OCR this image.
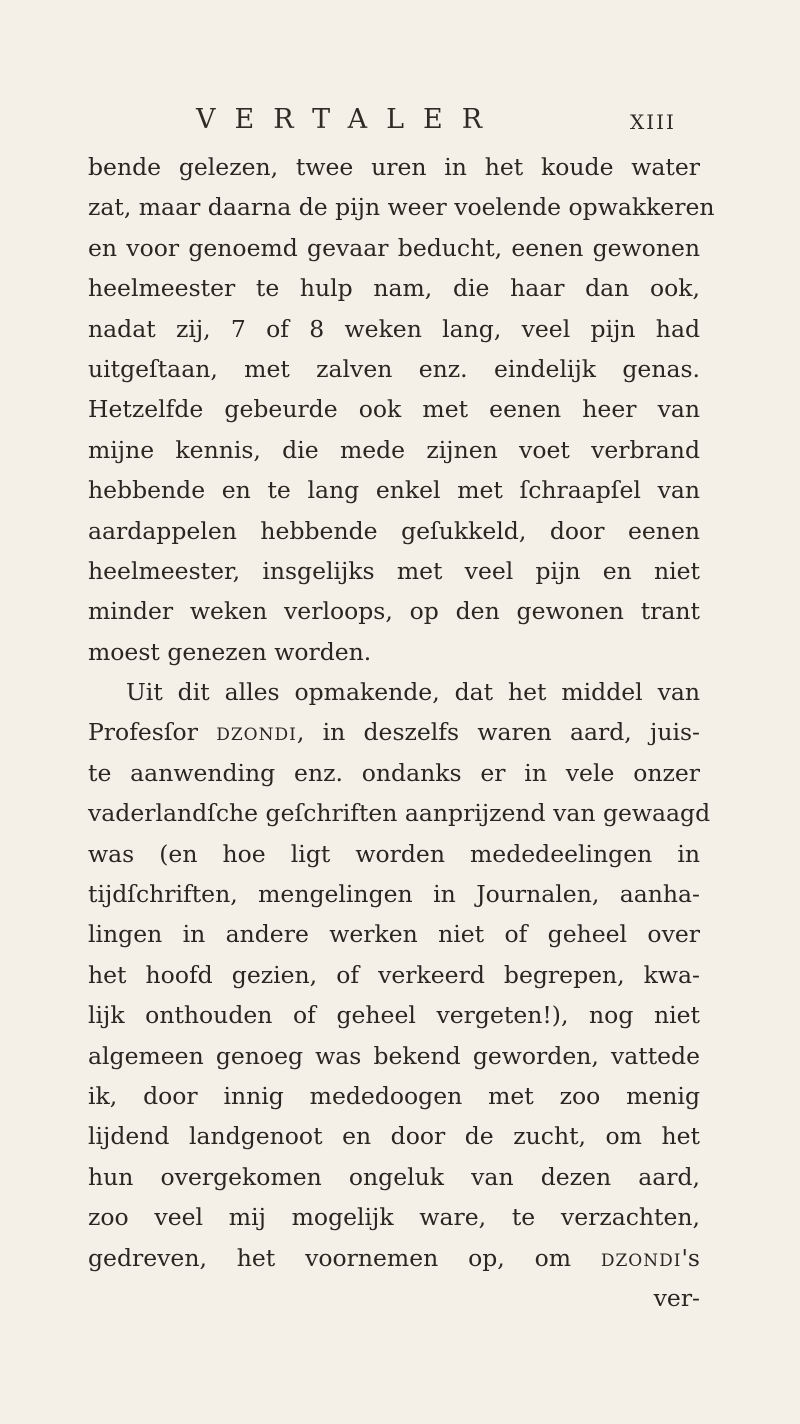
VERTALER	XIII
bende gelezen, twee uren in het koude water
zat, maar daarna de pijn weer voelende opwakkeren
en voor genoemd gevaar beducht, eenen gewonen
heelmeester te hulp nam, die haar dan ook,
nadat zij, 7 of 8 weken lang, veel pijn had
uitgeſtaan, met zalven enz. eindelijk genas.
Hetzelfde gebeurde ook met eenen heer van
mijne kennis, die mede zijnen voet verbrand
hebbende en te lang enkel met ſchraapſel van
aardappelen hebbende geſukkeld, door eenen
heelmeester, insgelijks met veel pijn en niet
minder weken verloops, op den gewonen trant
moest genezen worden.
Uit dit alles opmakende, dat het middel van
Profesſor DZONDI, in deszelfs waren aard, juis-
te aanwending enz. ondanks er in vele onzer
vaderlandſche geſchriften aanprijzend van gewaagd
was (en hoe ligt worden mededeelingen in
tijdſchriften, mengelingen in Journalen, aanha-
lingen in andere werken niet of geheel over
het hoofd gezien, of verkeerd begrepen, kwa-
lijk onthouden of geheel vergeten!), nog niet
algemeen genoeg was bekend geworden, vattede
ik, door innig mededoogen met zoo menig
lijdend landgenoot en door de zucht, om het
hun overgekomen ongeluk van dezen aard,
zoo veel mij mogelijk ware, te verzachten,
gedreven, het voornemen op, om DZONDI's
ver-
